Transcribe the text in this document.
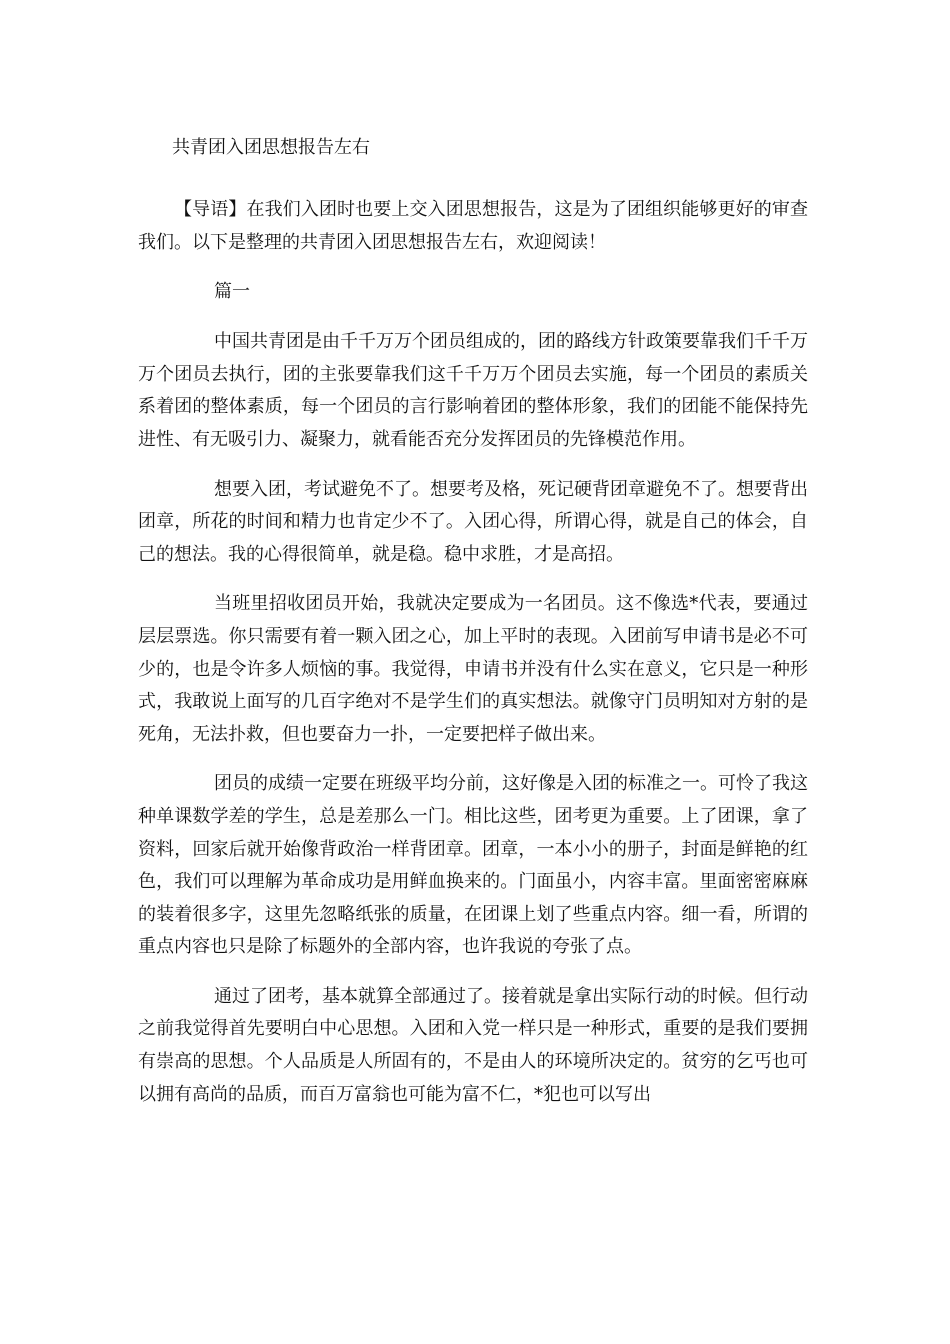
共青团入团思想报告左右

【导语】在我们入团时也要上交入团思想报告，这是为了团组织能够更好的审查我们。以下是整理的共青团入团思想报告左右，欢迎阅读！

篇一

中国共青团是由千千万万个团员组成的，团的路线方针政策要靠我们千千万万个团员去执行，团的主张要靠我们这千千万万个团员去实施，每一个团员的素质关系着团的整体素质，每一个团员的言行影响着团的整体形象，我们的团能不能保持先进性、有无吸引力、凝聚力，就看能否充分发挥团员的先锋模范作用。

想要入团，考试避免不了。想要考及格，死记硬背团章避免不了。想要背出团章，所花的时间和精力也肯定少不了。入团心得，所谓心得，就是自己的体会，自己的想法。我的心得很简单，就是稳。稳中求胜，才是高招。

当班里招收团员开始，我就决定要成为一名团员。这不像选*代表，要通过层层票选。你只需要有着一颗入团之心，加上平时的表现。入团前写申请书是必不可少的，也是令许多人烦恼的事。我觉得，申请书并没有什么实在意义，它只是一种形式，我敢说上面写的几百字绝对不是学生们的真实想法。就像守门员明知对方射的是死角，无法扑救，但也要奋力一扑，一定要把样子做出来。

团员的成绩一定要在班级平均分前，这好像是入团的标准之一。可怜了我这种单课数学差的学生，总是差那么一门。相比这些，团考更为重要。上了团课，拿了资料，回家后就开始像背政治一样背团章。团章，一本小小的册子，封面是鲜艳的红色，我们可以理解为革命成功是用鲜血换来的。门面虽小，内容丰富。里面密密麻麻的装着很多字，这里先忽略纸张的质量，在团课上划了些重点内容。细一看，所谓的重点内容也只是除了标题外的全部内容，也许我说的夸张了点。

通过了团考，基本就算全部通过了。接着就是拿出实际行动的时候。但行动之前我觉得首先要明白中心思想。入团和入党一样只是一种形式，重要的是我们要拥有崇高的思想。个人品质是人所固有的，不是由人的环境所决定的。贫穷的乞丐也可以拥有高尚的品质，而百万富翁也可能为富不仁，*犯也可以写出
